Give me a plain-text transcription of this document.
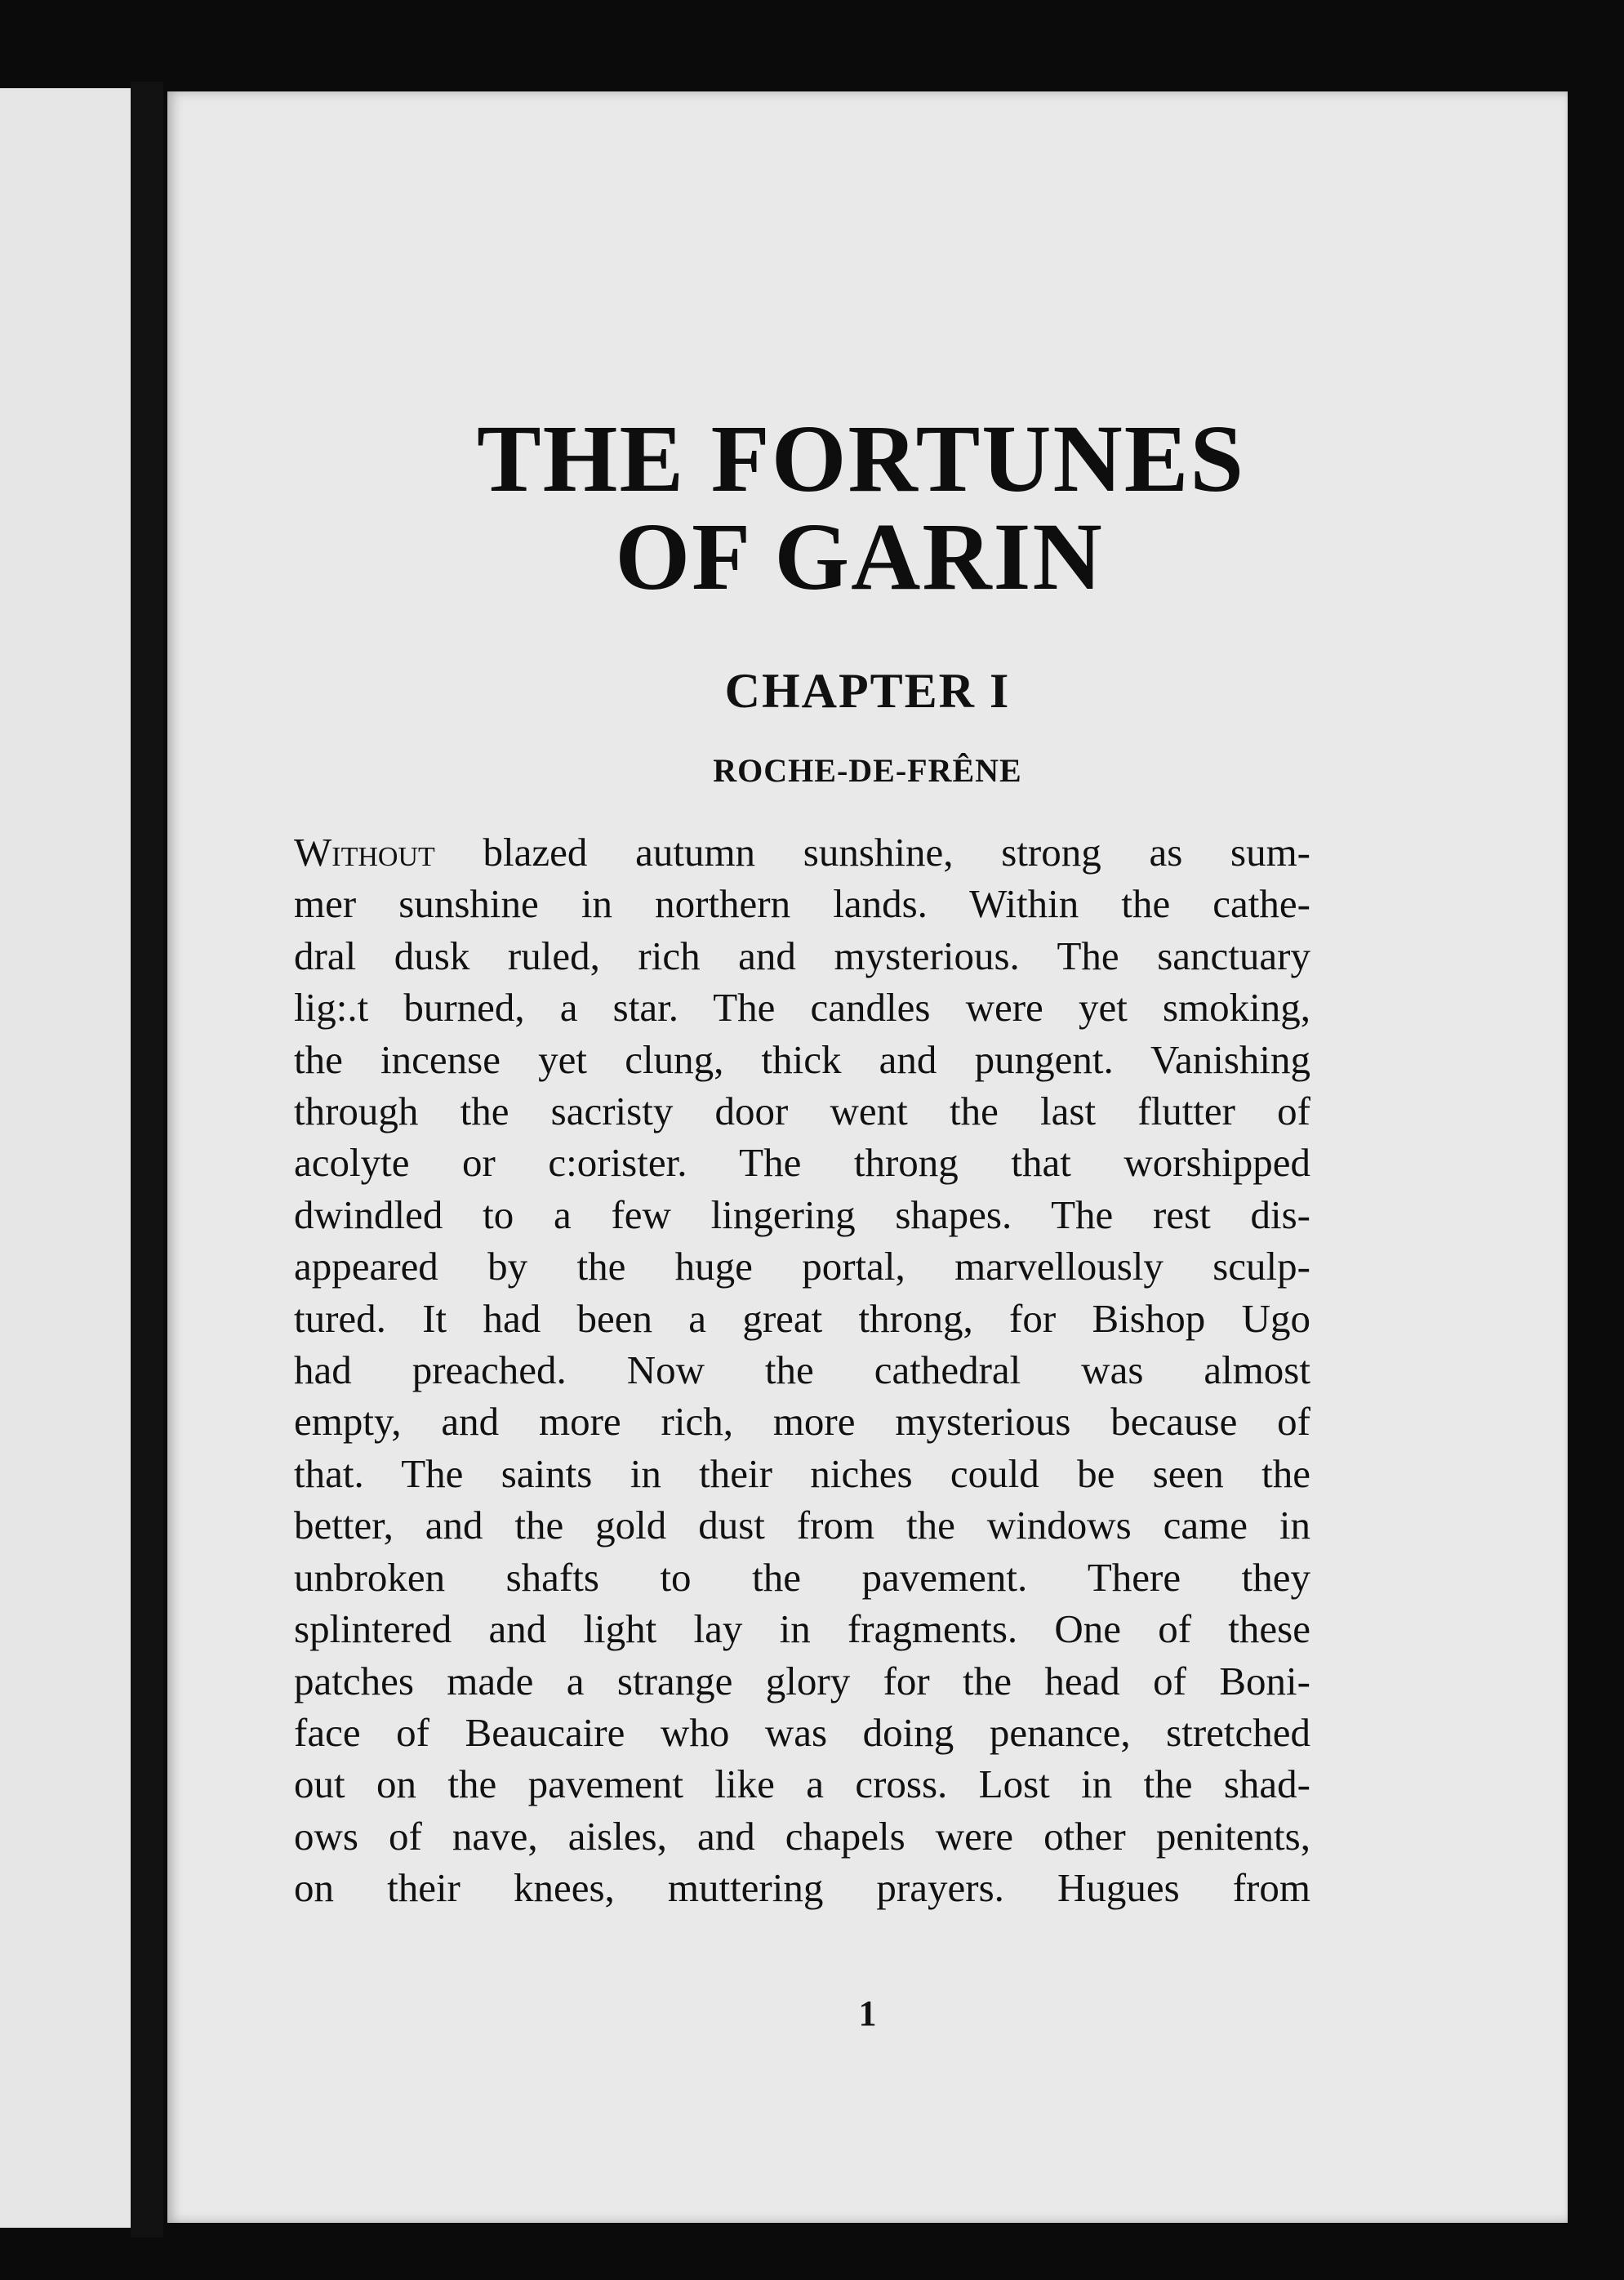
THE FORTUNES
OF GARIN
CHAPTER I
ROCHE-DE-FRÊNE
Without blazed autumn sunshine, strong as sum-
mer sunshine in northern lands. Within the cathe-
dral dusk ruled, rich and mysterious. The sanctuary
lig:.t burned, a star. The candles were yet smoking,
the incense yet clung, thick and pungent. Vanishing
through the sacristy door went the last flutter of
acolyte or c:orister. The throng that worshipped
dwindled to a few lingering shapes. The rest dis-
appeared by the huge portal, marvellously sculp-
tured. It had been a great throng, for Bishop Ugo
had preached. Now the cathedral was almost
empty, and more rich, more mysterious because of
that. The saints in their niches could be seen the
better, and the gold dust from the windows came in
unbroken shafts to the pavement. There they
splintered and light lay in fragments. One of these
patches made a strange glory for the head of Boni-
face of Beaucaire who was doing penance, stretched
out on the pavement like a cross. Lost in the shad-
ows of nave, aisles, and chapels were other penitents,
on their knees, muttering prayers. Hugues from
1
